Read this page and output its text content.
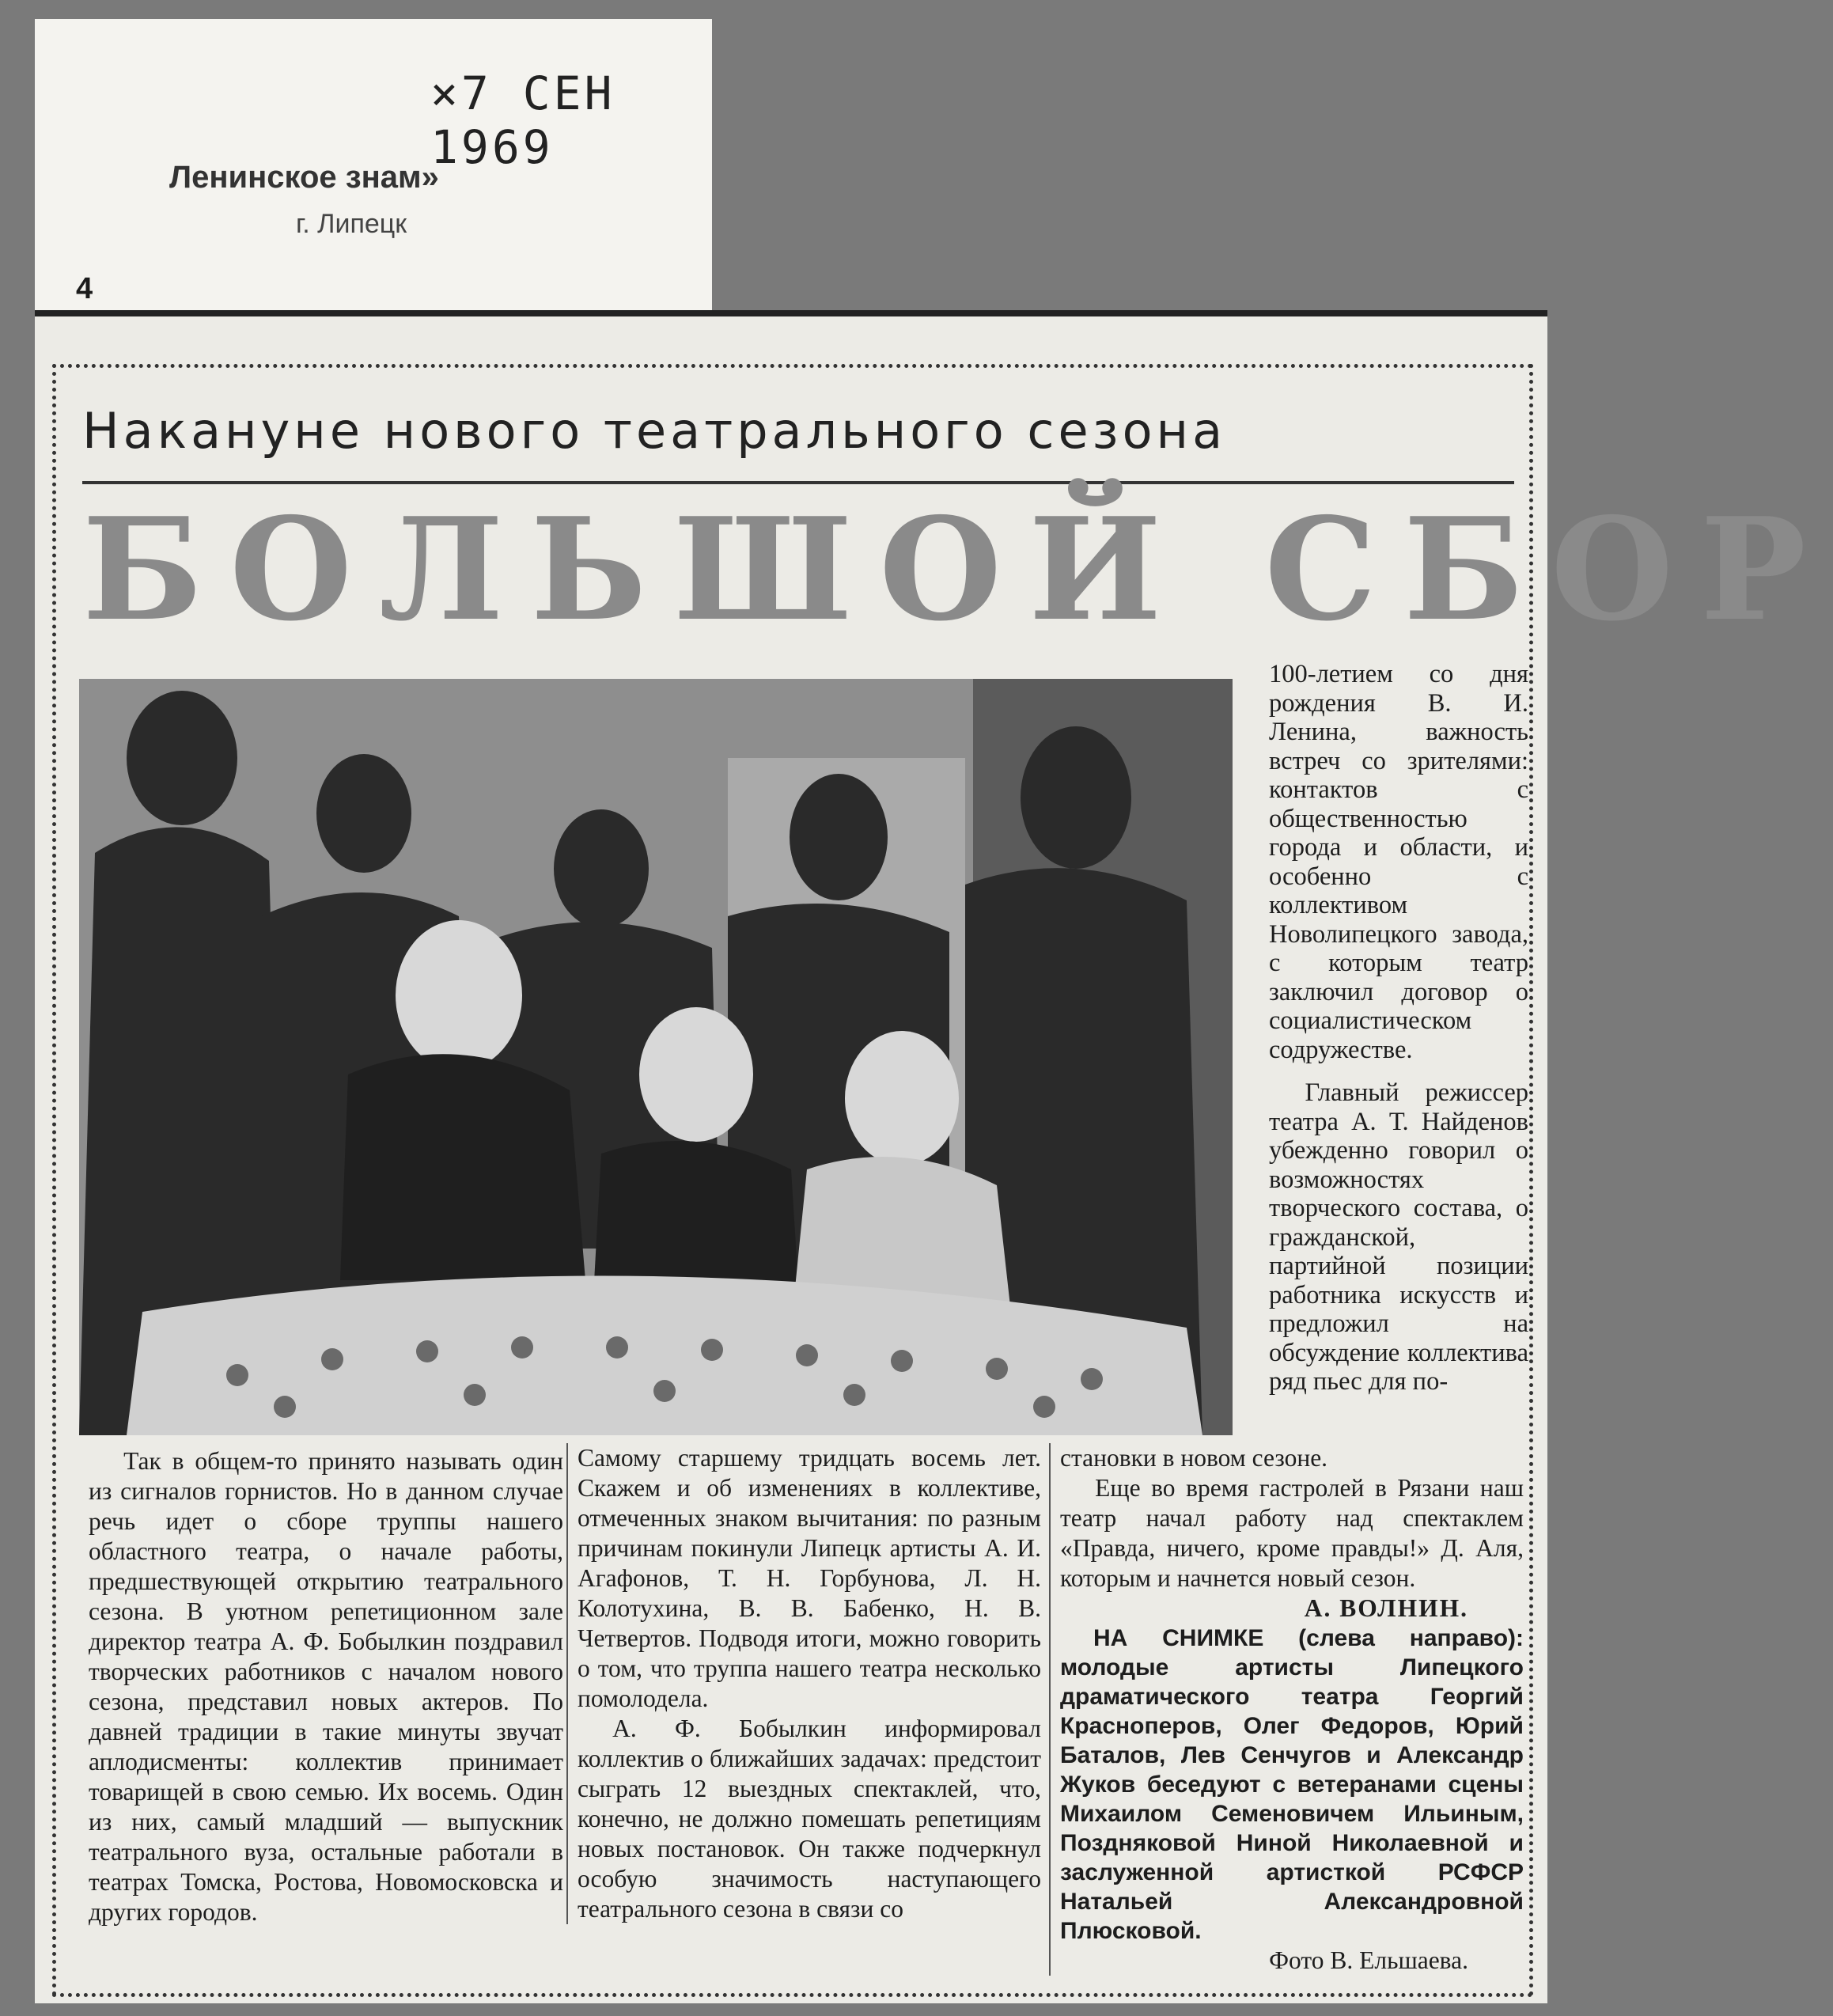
×7 СЕН 1969
Ленинское знам»
г. Липецк
4
Накануне нового театрального сезона
БОЛЬШОЙ СБОР

100-летием со дня рождения В. И. Ленина, важность встреч со зрителями: контактов с общественностью города и области, и особенно с коллективом Новолипецкого завода, с которым театр заключил договор о социалистическом содружестве.

Главный режиссер театра А. Т. Найденов убежденно говорил о возможностях творческого состава, о гражданской, партийной позиции работника искусств и предложил на обсуждение коллектива ряд пьес для по-

Так в общем-то принято называть один из сигналов горнистов. Но в данном случае речь идет о сборе труппы нашего областного театра, о начале работы, предшествующей открытию театрального сезона. В уютном репетиционном зале директор театра А. Ф. Бобылкин поздравил творческих работников с началом нового сезона, представил новых актеров. По давней традиции в такие минуты звучат аплодисменты: коллектив принимает товарищей в свою семью. Их восемь. Один из них, самый младший — выпускник театрального вуза, остальные работали в театрах Томска, Ростова, Новомосковска и других городов.

Самому старшему тридцать восемь лет. Скажем и об изменениях в коллективе, отмеченных знаком вычитания: по разным причинам покинули Липецк артисты А. И. Агафонов, Т. Н. Горбунова, Л. Н. Колотухина, В. В. Бабенко, Н. В. Четвертов. Подводя итоги, можно говорить о том, что труппа нашего театра несколько помолодела.

А. Ф. Бобылкин информировал коллектив о ближайших задачах: предстоит сыграть 12 выездных спектаклей, что, конечно, не должно помешать репетициям новых постановок. Он также подчеркнул особую значимость наступающего театрального сезона в связи со

становки в новом сезоне.

Еще во время гастролей в Рязани наш театр начал работу над спектаклем «Правда, ничего, кроме правды!» Д. Аля, которым и начнется новый сезон.

А. ВОЛНИН.

НА СНИМКЕ (слева направо): молодые артисты Липецкого драматического театра Георгий Красноперов, Олег Федоров, Юрий Баталов, Лев Сенчугов и Александр Жуков беседуют с ветеранами сцены Михаилом Семеновичем Ильиным, Поздняковой Ниной Николаевной и заслуженной артисткой РСФСР Натальей Александровной Плюсковой.

Фото В. Ельшаева.
